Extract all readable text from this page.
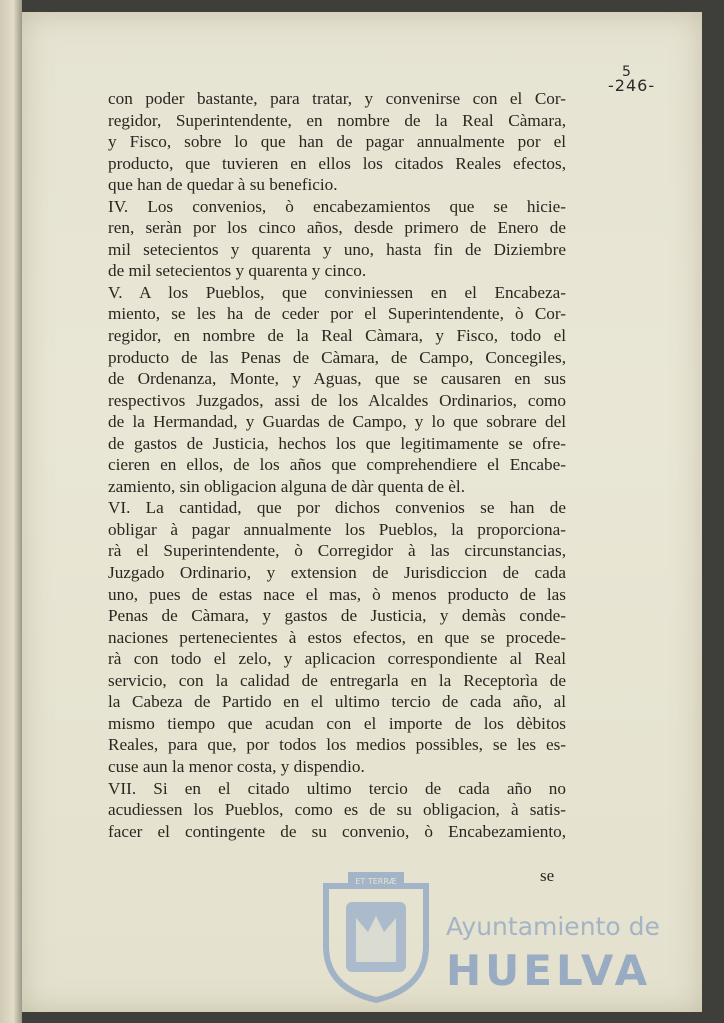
5
-246-
con poder bastante, para tratar, y convenirse con el Cor-
regidor, Superintendente, en nombre de la Real Càmara,
y Fisco, sobre lo que han de pagar annualmente por el
producto, que tuvieren en ellos los citados Reales efectos,
que han de quedar à su beneficio.
IV. Los convenios, ò encabezamientos que se hicie-
ren, seràn por los cinco años, desde primero de Enero de
mil setecientos y quarenta y uno, hasta fin de Diziembre
de mil setecientos y quarenta y cinco.
V. A los Pueblos, que conviniessen en el Encabeza-
miento, se les ha de ceder por el Superintendente, ò Cor-
regidor, en nombre de la Real Càmara, y Fisco, todo el
producto de las Penas de Càmara, de Campo, Concegiles,
de Ordenanza, Monte, y Aguas, que se causaren en sus
respectivos Juzgados, assi de los Alcaldes Ordinarios, como
de la Hermandad, y Guardas de Campo, y lo que sobrare del
de gastos de Justicia, hechos los que legitimamente se ofre-
cieren en ellos, de los años que comprehendiere el Encabe-
zamiento, sin obligacion alguna de dàr quenta de èl.
VI. La cantidad, que por dichos convenios se han de
obligar à pagar annualmente los Pueblos, la proporciona-
rà el Superintendente, ò Corregidor à las circunstancias,
Juzgado Ordinario, y extension de Jurisdiccion de cada
uno, pues de estas nace el mas, ò menos producto de las
Penas de Càmara, y gastos de Justicia, y demàs conde-
naciones pertenecientes à estos efectos, en que se procede-
rà con todo el zelo, y aplicacion correspondiente al Real
servicio, con la calidad de entregarla en la Receptorìa de
la Cabeza de Partido en el ultimo tercio de cada año, al
mismo tiempo que acudan con el importe de los dèbitos
Reales, para que, por todos los medios possibles, se les es-
cuse aun la menor costa, y dispendio.
VII. Si en el citado ultimo tercio de cada año no
acudiessen los Pueblos, como es de su obligacion, à satis-
facer el contingente de su convenio, ò Encabezamiento,
se
ET TERRÆ
Ayuntamiento de
HUELVA
